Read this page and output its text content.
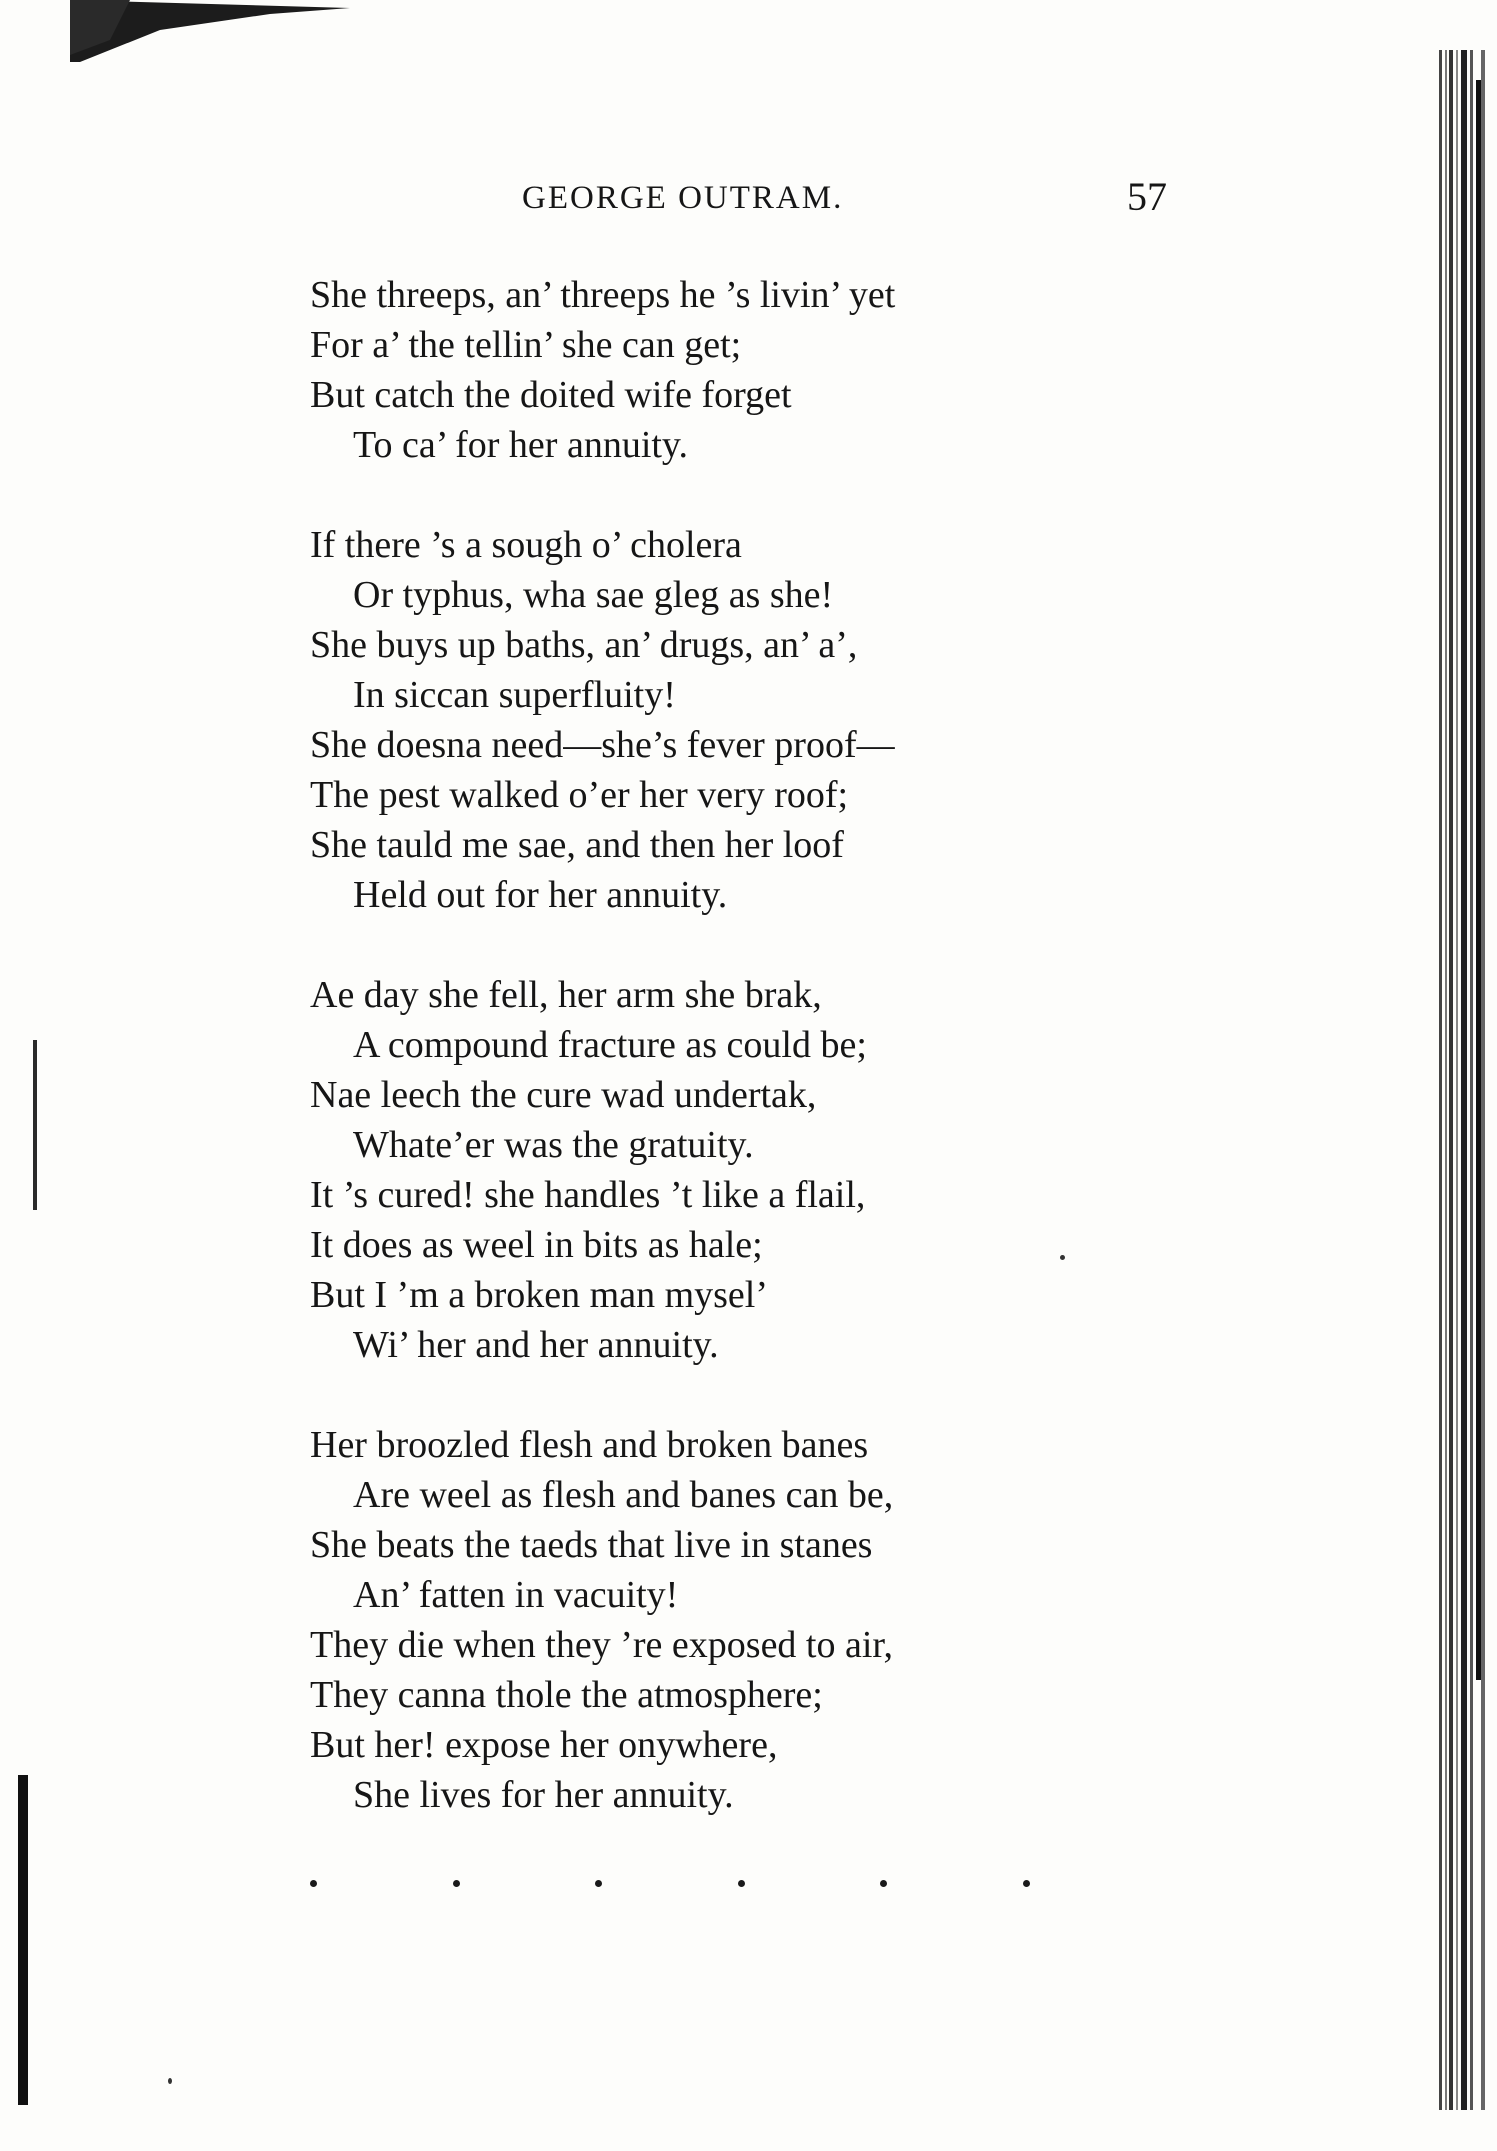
GEORGE OUTRAM.	57
She threeps, an’ threeps he ’s livin’ yet
For a’ the tellin’ she can get;
But catch the doited wife forget
To ca’ for her annuity.
If there ’s a sough o’ cholera
Or typhus, wha sae gleg as she!
She buys up baths, an’ drugs, an’ a’,
In siccan superfluity!
She doesna need—she’s fever proof—
The pest walked o’er her very roof;
She tauld me sae, and then her loof
Held out for her annuity.
Ae day she fell, her arm she brak,
A compound fracture as could be;
Nae leech the cure wad undertak,
Whate’er was the gratuity.
It ’s cured! she handles ’t like a flail,
It does as weel in bits as hale;
But I ’m a broken man mysel’
Wi’ her and her annuity.
Her broozled flesh and broken banes
Are weel as flesh and banes can be,
She beats the taeds that live in stanes
An’ fatten in vacuity!
They die when they ’re exposed to air,
They canna thole the atmosphere;
But her! expose her onywhere,
She lives for her annuity.
